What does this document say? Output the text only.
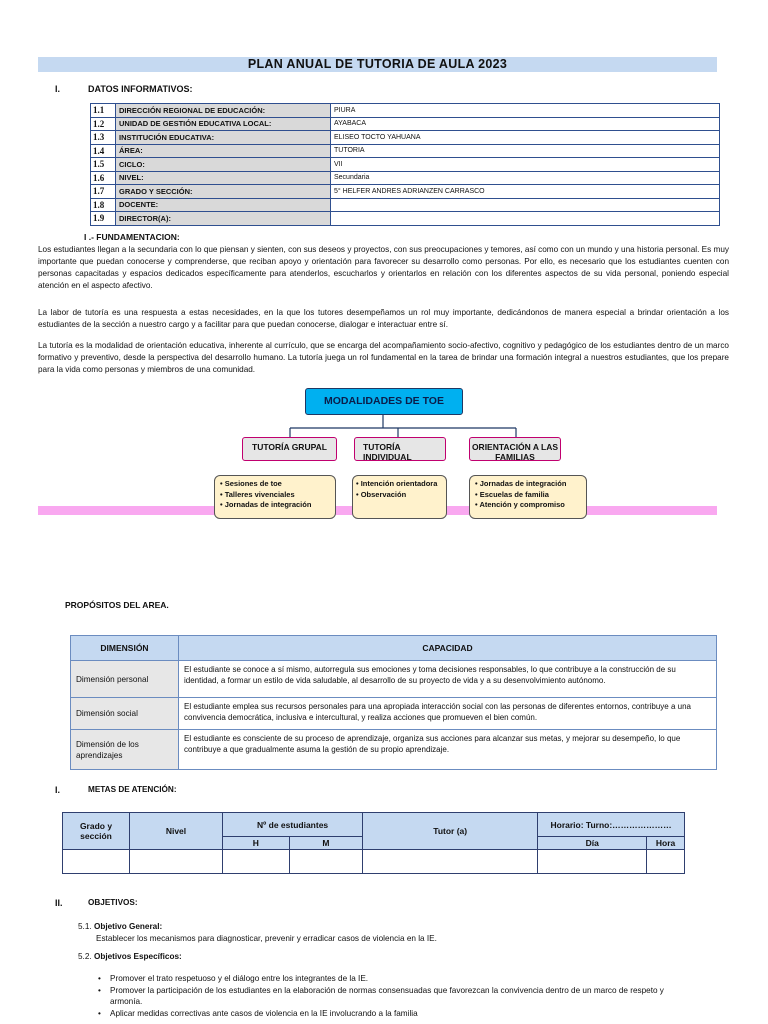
PLAN ANUAL DE TUTORIA DE AULA 2023
I.	DATOS INFORMATIVOS:
1.1	DIRECCIÓN REGIONAL DE EDUCACIÓN:	PIURA
1.2	UNIDAD DE GESTIÓN EDUCATIVA LOCAL:	AYABACA
1.3	INSTITUCIÓN EDUCATIVA:	ELISEO TOCTO YAHUANA
1.4	ÁREA:	TUTORIA
1.5	CICLO:	VII
1.6	NIVEL:	Secundaria
1.7	GRADO Y SECCIÓN:	5° HELFER ANDRES ADRIANZEN CARRASCO
1.8	DOCENTE:	
1.9	DIRECTOR(A):	
I .- FUNDAMENTACION:
Los estudiantes llegan a la secundaria con lo que piensan y sienten, con sus deseos y proyectos, con sus preocupaciones y temores, así como con un mundo y una historia personal. Es muy importante que puedan conocerse y comprenderse, que reciban apoyo y orientación para favorecer su desarrollo como personas. Por ello, es necesario que los estudiantes cuenten con personas capacitadas y espacios dedicados específicamente para atenderlos, escucharlos y orientarlos en relación con los diferentes aspectos de su vida personal, poniendo especial atención en el aspecto afectivo.
La labor de tutoría es una respuesta a estas necesidades, en la que los tutores desempeñamos un rol muy importante, dedicándonos de manera especial a brindar orientación a los estudiantes de la sección a nuestro cargo y a facilitar para que puedan conocerse, dialogar e interactuar entre sí.
La tutoría es la modalidad de orientación educativa, inherente al currículo, que se encarga del acompañamiento socio-afectivo, cognitivo y pedagógico de los estudiantes dentro de un marco formativo y preventivo, desde la perspectiva del desarrollo humano. La tutoría juega un rol fundamental en la tarea de brindar una formación integral a nuestros estudiantes, que los prepare para la vida como personas y miembros de una comunidad.
MODALIDADES DE TOE
TUTORÍA GRUPAL	TUTORÍA INDIVIDUAL
ORIENTACIÓN A LAS FAMILIAS
• Sesiones de toe
• Talleres vivenciales
• Jornadas de integración
• Intención orientadora
• Observación
• Jornadas de integración
• Escuelas de familia
• Atención y compromiso
PROPÓSITOS DEL AREA.
DIMENSIÓN	CAPACIDAD
Dimensión personal	El estudiante se conoce a sí mismo, autorregula sus emociones y toma decisiones responsables, lo que contribuye a la construcción de su identidad, a formar un estilo de vida saludable, al desarrollo de su proyecto de vida y a su desenvolvimiento autónomo.
Dimensión social	El estudiante emplea sus recursos personales para una apropiada interacción social con las personas de diferentes entornos, contribuye a una convivencia democrática, inclusiva e intercultural, y realiza acciones que promueven el bien común.
Dimensión de los aprendizajes	El estudiante es consciente de su proceso de aprendizaje, organiza sus acciones para alcanzar sus metas, y mejorar su desempeño, lo que contribuye a que gradualmente asuma la gestión de su propio aprendizaje.
I.	METAS DE ATENCIÓN:
Grado y sección	Nivel	Nº de estudiantes		Tutor (a)	Horario: Turno:…………………	
		H	M		Día	Hora

II.	OBJETIVOS:
5.1. Objetivo General:
Establecer los mecanismos para diagnosticar, prevenir y erradicar casos de violencia en la IE.
5.2. Objetivos Específicos:
• Promover el trato respetuoso y el diálogo entre los integrantes de la IE.
• Promover la participación de los estudiantes en la elaboración de normas consensuadas que favorezcan la convivencia dentro de un marco de respeto y armonía.
• Aplicar medidas correctivas ante casos de violencia en la IE involucrando a la familia
